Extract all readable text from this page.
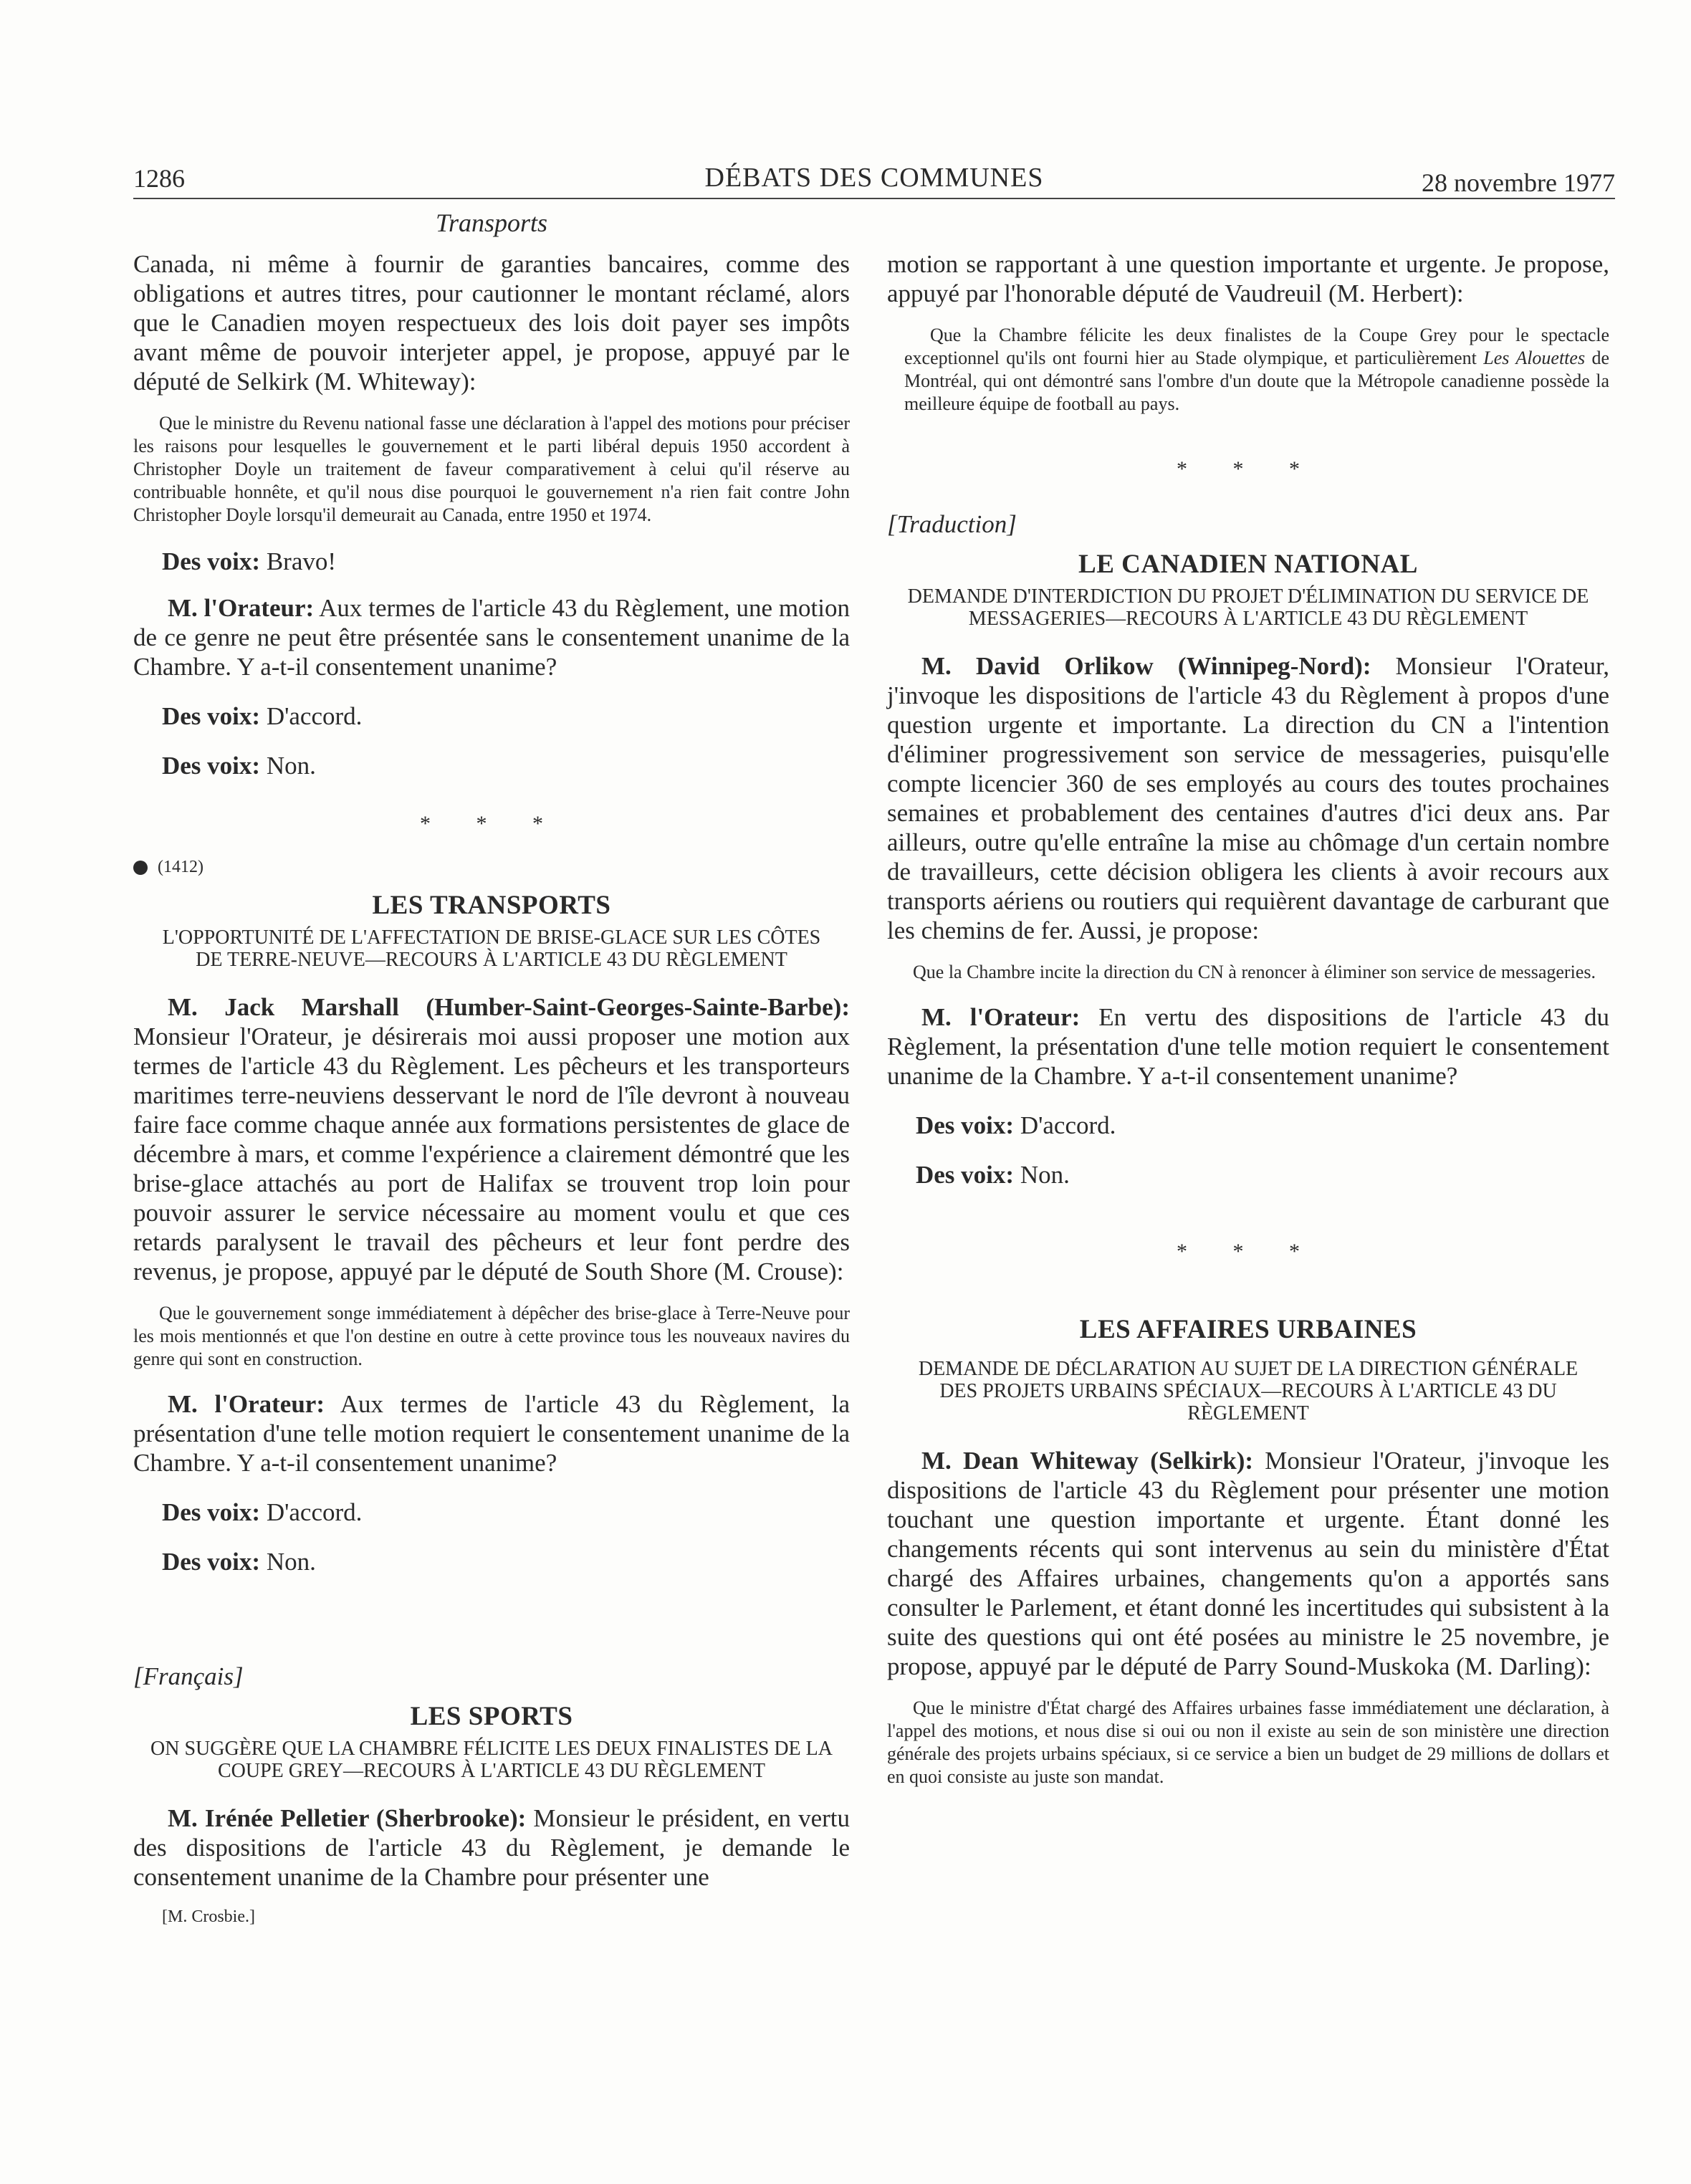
1286	DÉBATS DES COMMUNES	28 novembre 1977
Transports

Canada, ni même à fournir de garanties bancaires, comme des obligations et autres titres, pour cautionner le montant réclamé, alors que le Canadien moyen respectueux des lois doit payer ses impôts avant même de pouvoir interjeter appel, je propose, appuyé par le député de Selkirk (M. Whiteway):

Que le ministre du Revenu national fasse une déclaration à l'appel des motions pour préciser les raisons pour lesquelles le gouvernement et le parti libéral depuis 1950 accordent à Christopher Doyle un traitement de faveur comparativement à celui qu'il réserve au contribuable honnête, et qu'il nous dise pourquoi le gouvernement n'a rien fait contre John Christopher Doyle lorsqu'il demeurait au Canada, entre 1950 et 1974.

Des voix: Bravo!

M. l'Orateur: Aux termes de l'article 43 du Règlement, une motion de ce genre ne peut être présentée sans le consentement unanime de la Chambre. Y a-t-il consentement unanime?

Des voix: D'accord.

Des voix: Non.

* * *

(1412)

LES TRANSPORTS

L'OPPORTUNITÉ DE L'AFFECTATION DE BRISE-GLACE SUR LES CÔTES DE TERRE-NEUVE—RECOURS À L'ARTICLE 43 DU RÈGLEMENT

M. Jack Marshall (Humber-Saint-Georges-Sainte-Barbe): Monsieur l'Orateur, je désirerais moi aussi proposer une motion aux termes de l'article 43 du Règlement. Les pêcheurs et les transporteurs maritimes terre-neuviens desservant le nord de l'île devront à nouveau faire face comme chaque année aux formations persistentes de glace de décembre à mars, et comme l'expérience a clairement démontré que les brise-glace attachés au port de Halifax se trouvent trop loin pour pouvoir assurer le service nécessaire au moment voulu et que ces retards paralysent le travail des pêcheurs et leur font perdre des revenus, je propose, appuyé par le député de South Shore (M. Crouse):

Que le gouvernement songe immédiatement à dépêcher des brise-glace à Terre-Neuve pour les mois mentionnés et que l'on destine en outre à cette province tous les nouveaux navires du genre qui sont en construction.

M. l'Orateur: Aux termes de l'article 43 du Règlement, la présentation d'une telle motion requiert le consentement unanime de la Chambre. Y a-t-il consentement unanime?

Des voix: D'accord.

Des voix: Non.

[Français]

LES SPORTS

ON SUGGÈRE QUE LA CHAMBRE FÉLICITE LES DEUX FINALISTES DE LA COUPE GREY—RECOURS À L'ARTICLE 43 DU RÈGLEMENT

M. Irénée Pelletier (Sherbrooke): Monsieur le président, en vertu des dispositions de l'article 43 du Règlement, je demande le consentement unanime de la Chambre pour présenter une

[M. Crosbie.]

motion se rapportant à une question importante et urgente. Je propose, appuyé par l'honorable député de Vaudreuil (M. Herbert):

Que la Chambre félicite les deux finalistes de la Coupe Grey pour le spectacle exceptionnel qu'ils ont fourni hier au Stade olympique, et particulièrement Les Alouettes de Montréal, qui ont démontré sans l'ombre d'un doute que la Métropole canadienne possède la meilleure équipe de football au pays.

* * *

[Traduction]

LE CANADIEN NATIONAL

DEMANDE D'INTERDICTION DU PROJET D'ÉLIMINATION DU SERVICE DE MESSAGERIES—RECOURS À L'ARTICLE 43 DU RÈGLEMENT

M. David Orlikow (Winnipeg-Nord): Monsieur l'Orateur, j'invoque les dispositions de l'article 43 du Règlement à propos d'une question urgente et importante. La direction du CN a l'intention d'éliminer progressivement son service de messageries, puisqu'elle compte licencier 360 de ses employés au cours des toutes prochaines semaines et probablement des centaines d'autres d'ici deux ans. Par ailleurs, outre qu'elle entraîne la mise au chômage d'un certain nombre de travailleurs, cette décision obligera les clients à avoir recours aux transports aériens ou routiers qui requièrent davantage de carburant que les chemins de fer. Aussi, je propose:

Que la Chambre incite la direction du CN à renoncer à éliminer son service de messageries.

M. l'Orateur: En vertu des dispositions de l'article 43 du Règlement, la présentation d'une telle motion requiert le consentement unanime de la Chambre. Y a-t-il consentement unanime?

Des voix: D'accord.

Des voix: Non.

* * *

LES AFFAIRES URBAINES

DEMANDE DE DÉCLARATION AU SUJET DE LA DIRECTION GÉNÉRALE DES PROJETS URBAINS SPÉCIAUX—RECOURS À L'ARTICLE 43 DU RÈGLEMENT

M. Dean Whiteway (Selkirk): Monsieur l'Orateur, j'invoque les dispositions de l'article 43 du Règlement pour présenter une motion touchant une question importante et urgente. Étant donné les changements récents qui sont intervenus au sein du ministère d'État chargé des Affaires urbaines, changements qu'on a apportés sans consulter le Parlement, et étant donné les incertitudes qui subsistent à la suite des questions qui ont été posées au ministre le 25 novembre, je propose, appuyé par le député de Parry Sound-Muskoka (M. Darling):

Que le ministre d'État chargé des Affaires urbaines fasse immédiatement une déclaration, à l'appel des motions, et nous dise si oui ou non il existe au sein de son ministère une direction générale des projets urbains spéciaux, si ce service a bien un budget de 29 millions de dollars et en quoi consiste au juste son mandat.
